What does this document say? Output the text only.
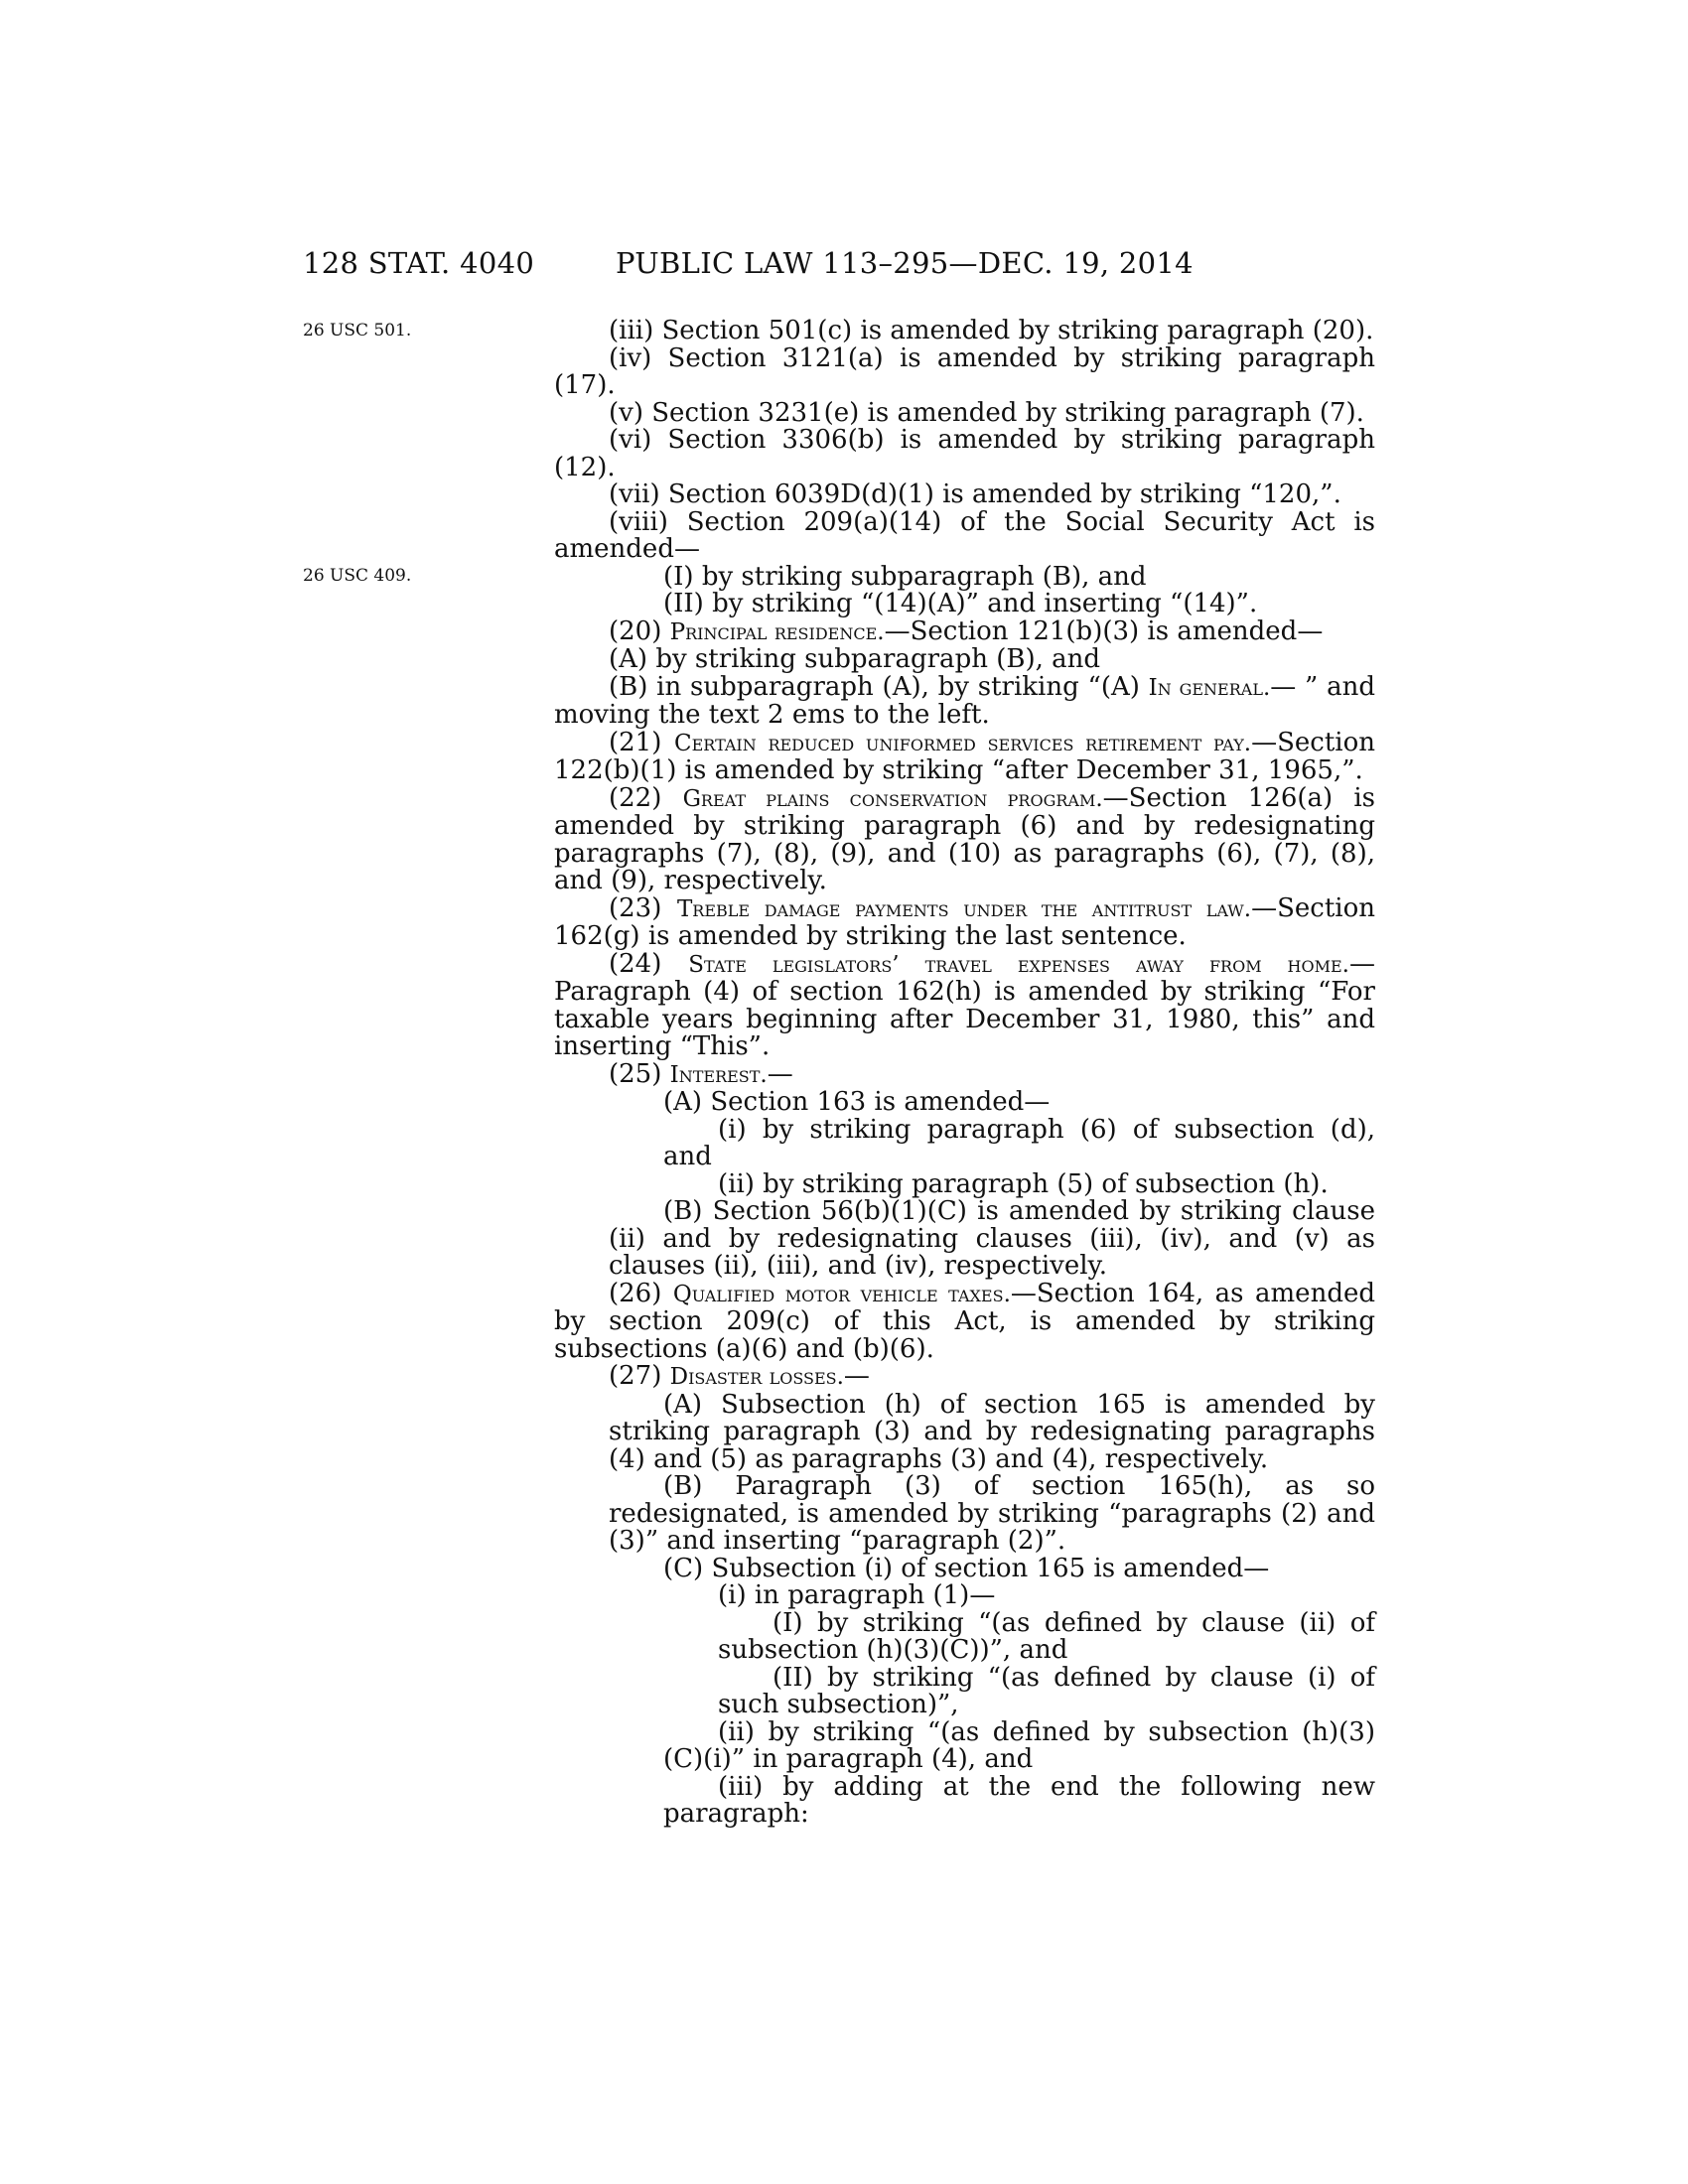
128 STAT. 4040	PUBLIC LAW 113–295—DEC. 19, 2014
26 USC 501.
26 USC 409.

(iii) Section 501(c) is amended by striking paragraph (20).

(iv) Section 3121(a) is amended by striking paragraph (17).

(v) Section 3231(e) is amended by striking paragraph (7).

(vi) Section 3306(b) is amended by striking paragraph (12).

(vii) Section 6039D(d)(1) is amended by striking “120,”.

(viii) Section 209(a)(14) of the Social Security Act is amended—

(I) by striking subparagraph (B), and

(II) by striking “(14)(A)” and inserting “(14)”.

(20) Principal residence.—Section 121(b)(3) is amended—

(A) by striking subparagraph (B), and

(B) in subparagraph (A), by striking “(A) In general.— ” and moving the text 2 ems to the left.

(21) Certain reduced uniformed services retirement pay.—Section 122(b)(1) is amended by striking “after December 31, 1965,”.

(22) Great plains conservation program.—Section 126(a) is amended by striking paragraph (6) and by redesignating paragraphs (7), (8), (9), and (10) as paragraphs (6), (7), (8), and (9), respectively.

(23) Treble damage payments under the antitrust law.—Section 162(g) is amended by striking the last sentence.

(24) State legislators’ travel expenses away from home.—Paragraph (4) of section 162(h) is amended by striking “For taxable years beginning after December 31, 1980, this” and inserting “This”.

(25) Interest.—

(A) Section 163 is amended—

(i) by striking paragraph (6) of subsection (d), and

(ii) by striking paragraph (5) of subsection (h).

(B) Section 56(b)(1)(C) is amended by striking clause (ii) and by redesignating clauses (iii), (iv), and (v) as clauses (ii), (iii), and (iv), respectively.

(26) Qualified motor vehicle taxes.—Section 164, as amended by section 209(c) of this Act, is amended by striking subsections (a)(6) and (b)(6).

(27) Disaster losses.—

(A) Subsection (h) of section 165 is amended by striking paragraph (3) and by redesignating paragraphs (4) and (5) as paragraphs (3) and (4), respectively.

(B) Paragraph (3) of section 165(h), as so redesignated, is amended by striking “paragraphs (2) and (3)” and inserting “paragraph (2)”.

(C) Subsection (i) of section 165 is amended—

(i) in paragraph (1)—

(I) by striking “(as defined by clause (ii) of subsection (h)(3)(C))”, and

(II) by striking “(as defined by clause (i) of such subsection)”,

(ii) by striking “(as defined by subsection (h)(3)(C)(i)” in paragraph (4), and

(iii) by adding at the end the following new paragraph:
